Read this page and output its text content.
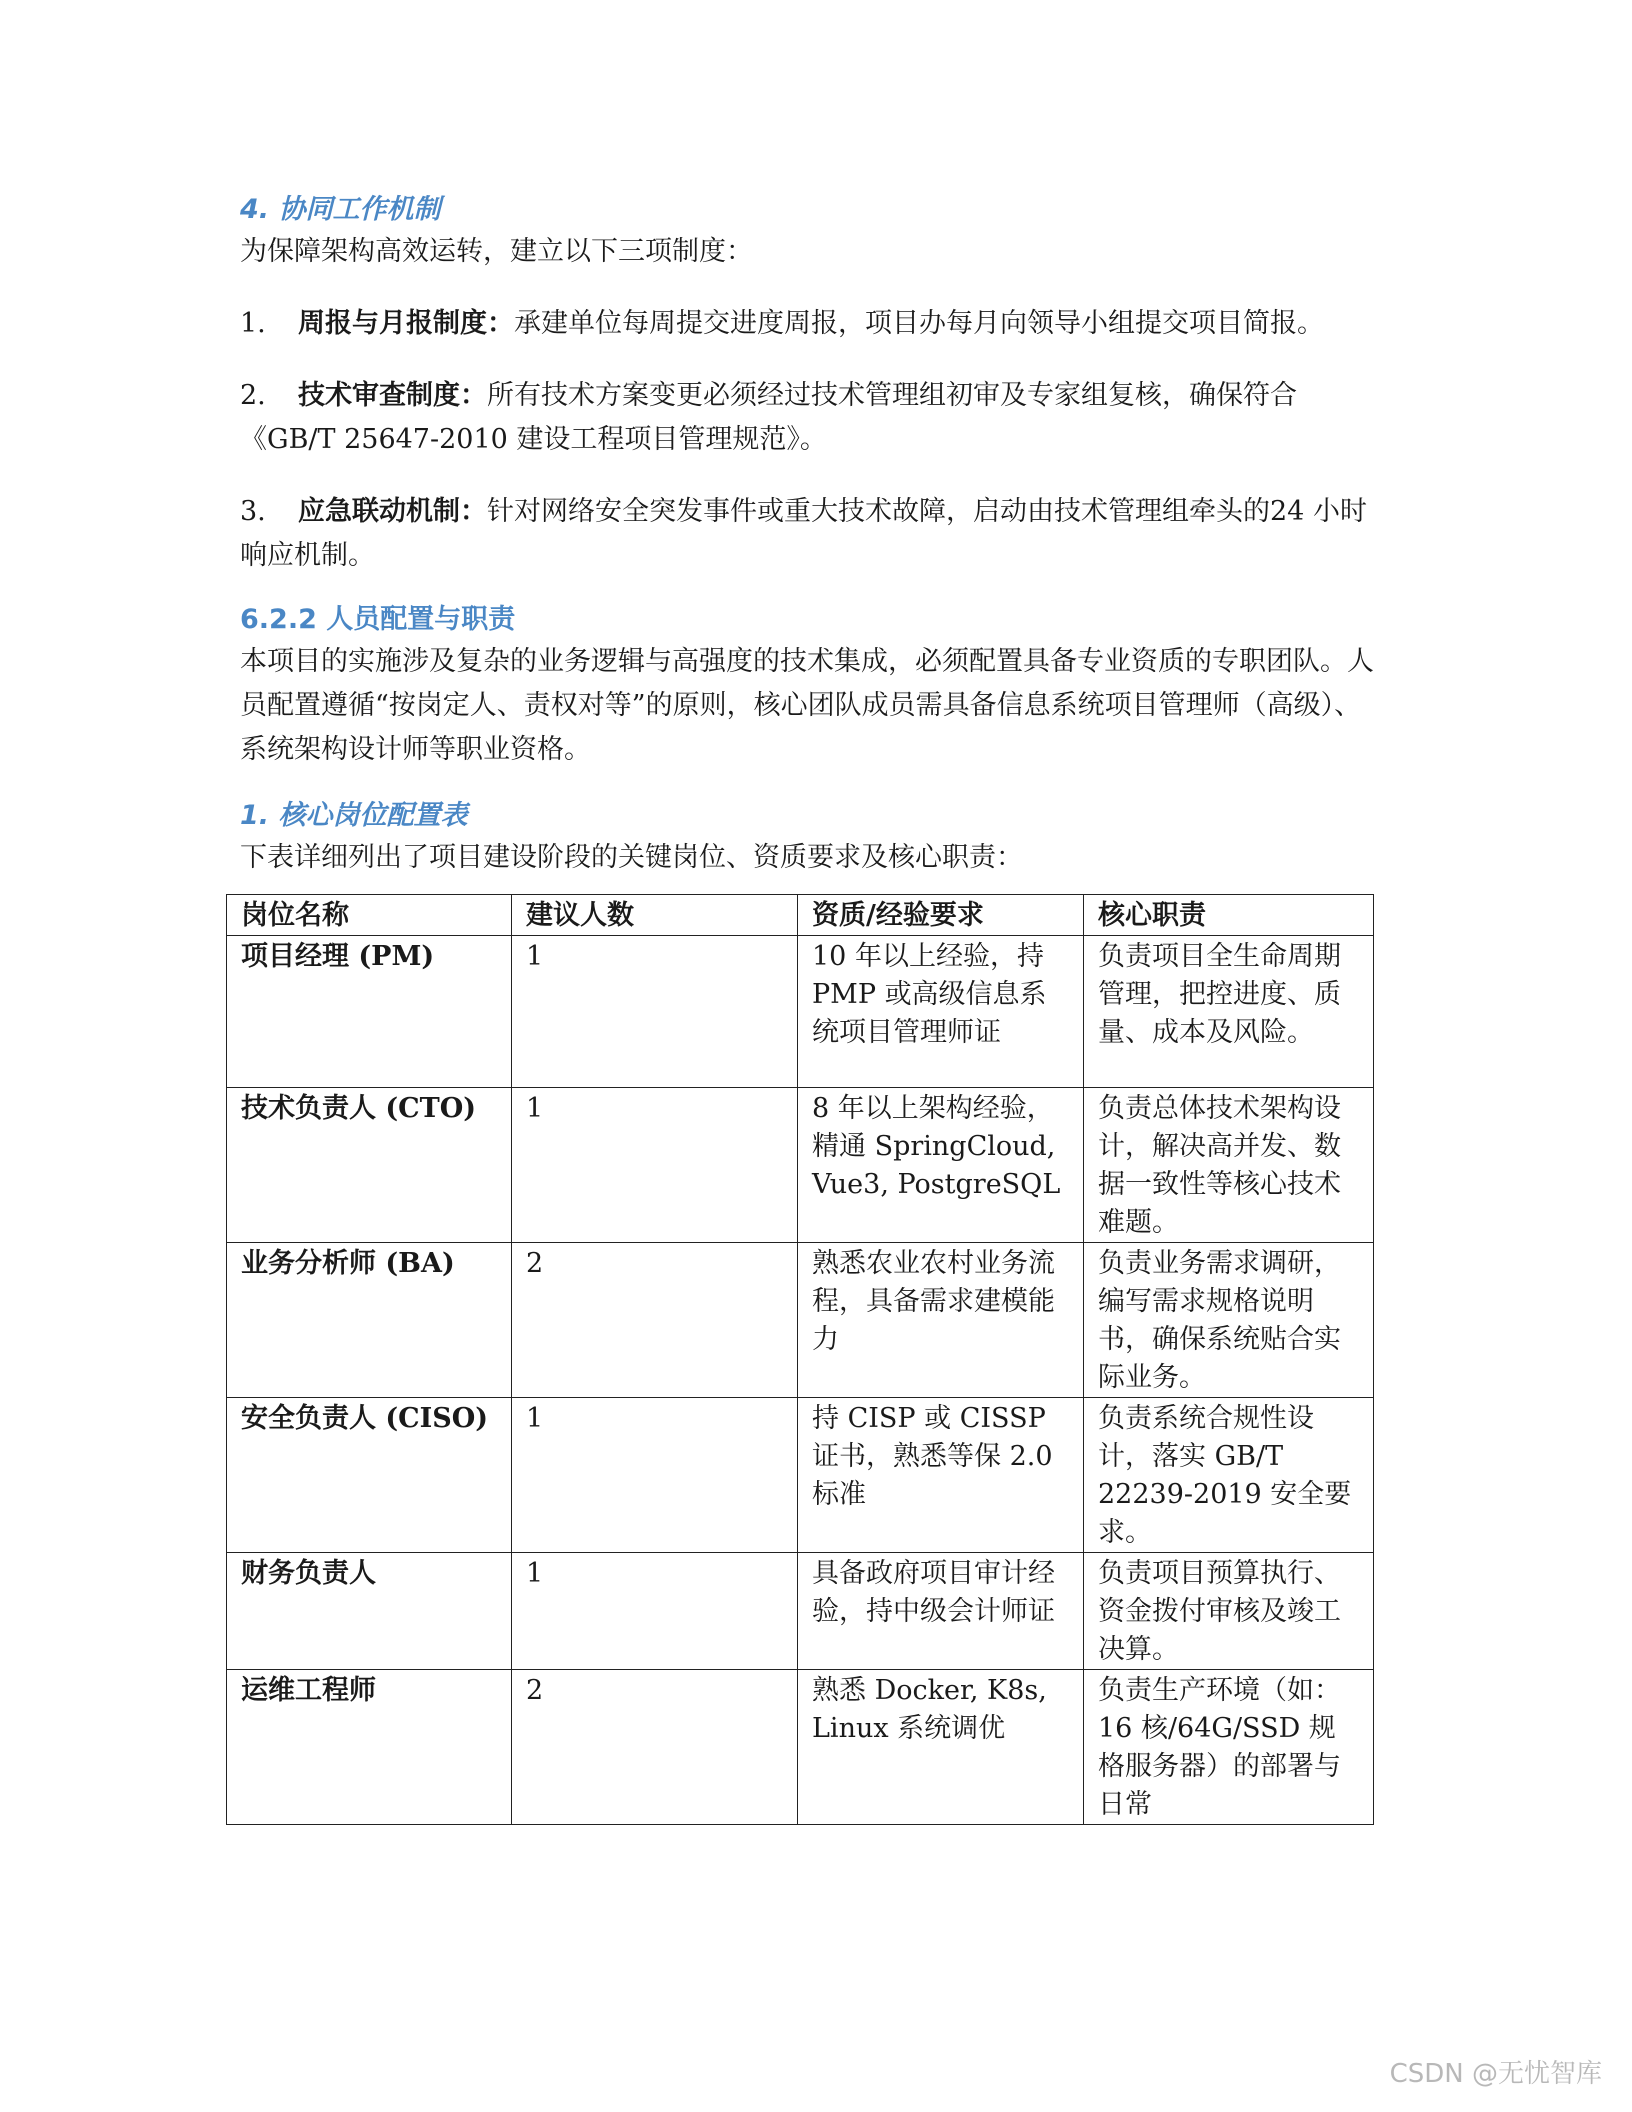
4. 协同工作机制

为保障架构高效运转，建立以下三项制度：

1. 周报与月报制度：承建单位每周提交进度周报，项目办每月向领导小组提交项目简报。

2. 技术审查制度：所有技术方案变更必须经过技术管理组初审及专家组复核，确保符合《GB/T 25647-2010 建设工程项目管理规范》。

3. 应急联动机制：针对网络安全突发事件或重大技术故障，启动由技术管理组牵头的24 小时响应机制。

6.2.2 人员配置与职责

本项目的实施涉及复杂的业务逻辑与高强度的技术集成，必须配置具备专业资质的专职团队。人员配置遵循“按岗定人、责权对等”的原则，核心团队成员需具备信息系统项目管理师（高级）、系统架构设计师等职业资格。

1. 核心岗位配置表

下表详细列出了项目建设阶段的关键岗位、资质要求及核心职责：

岗位名称	建议人数	资质/经验要求	核心职责
项目经理 (PM)	1	10 年以上经验，持 PMP 或高级信息系统项目管理师证	负责项目全生命周期管理，把控进度、质量、成本及风险。
技术负责人 (CTO)	1	8 年以上架构经验，精通 SpringCloud, Vue3, PostgreSQL	负责总体技术架构设计，解决高并发、数据一致性等核心技术难题。
业务分析师 (BA)	2	熟悉农业农村业务流程，具备需求建模能力	负责业务需求调研，编写需求规格说明书，确保系统贴合实际业务。
安全负责人 (CISO)	1	持 CISP 或 CISSP 证书，熟悉等保 2.0 标准	负责系统合规性设计，落实 GB/T 22239-2019 安全要求。
财务负责人	1	具备政府项目审计经验，持中级会计师证	负责项目预算执行、资金拨付审核及竣工决算。
运维工程师	2	熟悉 Docker, K8s, Linux 系统调优	负责生产环境（如：16 核/64G/SSD 规格服务器）的部署与日常
CSDN @无忧智库
